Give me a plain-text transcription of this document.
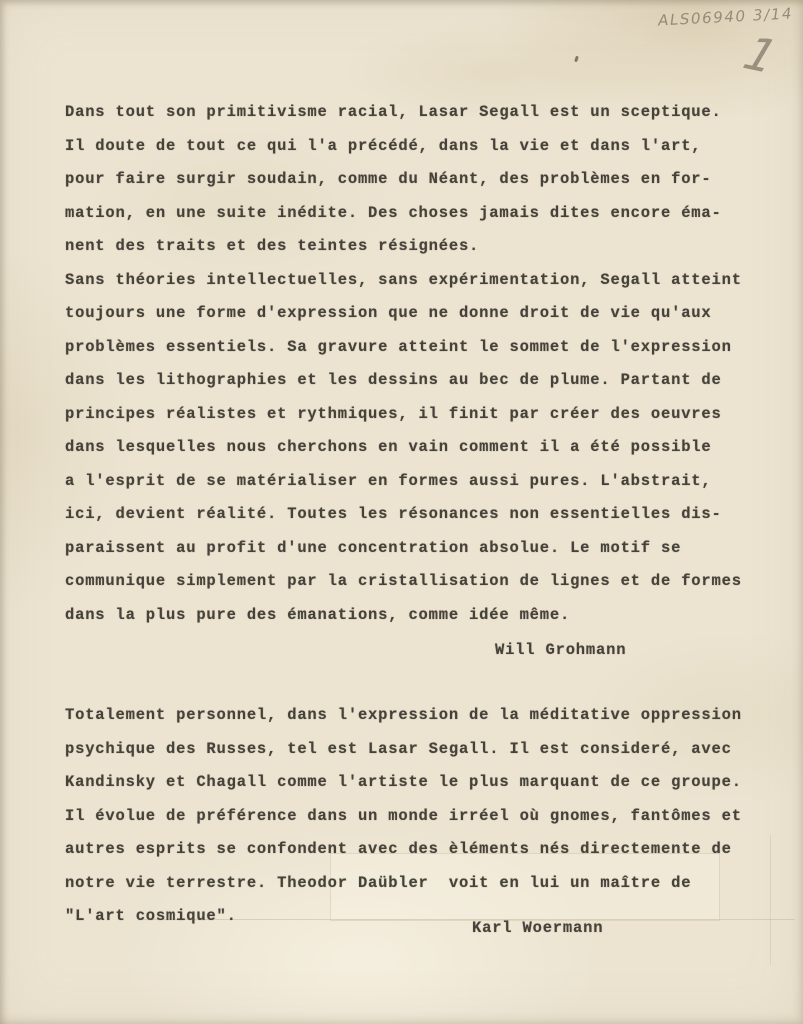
ALS06940 3/14
1
Dans tout son primitivisme racial, Lasar Segall est un sceptique.
Il doute de tout ce qui l'a précédé, dans la vie et dans l'art,
pour faire surgir soudain, comme du Néant, des problèmes en for-
mation, en une suite inédite. Des choses jamais dites encore éma-
nent des traits et des teintes résignées.
Sans théories intellectuelles, sans expérimentation, Segall atteint
toujours une forme d'expression que ne donne droit de vie qu'aux
problèmes essentiels. Sa gravure atteint le sommet de l'expression
dans les lithographies et les dessins au bec de plume. Partant de
principes réalistes et rythmiques, il finit par créer des oeuvres
dans lesquelles nous cherchons en vain comment il a été possible
a l'esprit de se matérialiser en formes aussi pures. L'abstrait,
ici, devient réalité. Toutes les résonances non essentielles dis-
paraissent au profit d'une concentration absolue. Le motif se
communique simplement par la cristallisation de lignes et de formes
dans la plus pure des émanations, comme idée même.
Will Grohmann
Totalement personnel, dans l'expression de la méditative oppression
psychique des Russes, tel est Lasar Segall. Il est consideré, avec
Kandinsky et Chagall comme l'artiste le plus marquant de ce groupe.
Il évolue de préférence dans un monde irréel où gnomes, fantômes et
autres esprits se confondent avec des èléments nés directemente de
notre vie terrestre. Theodor Daübler  voit en lui un maître de
"L'art cosmique".
Karl Woermann
